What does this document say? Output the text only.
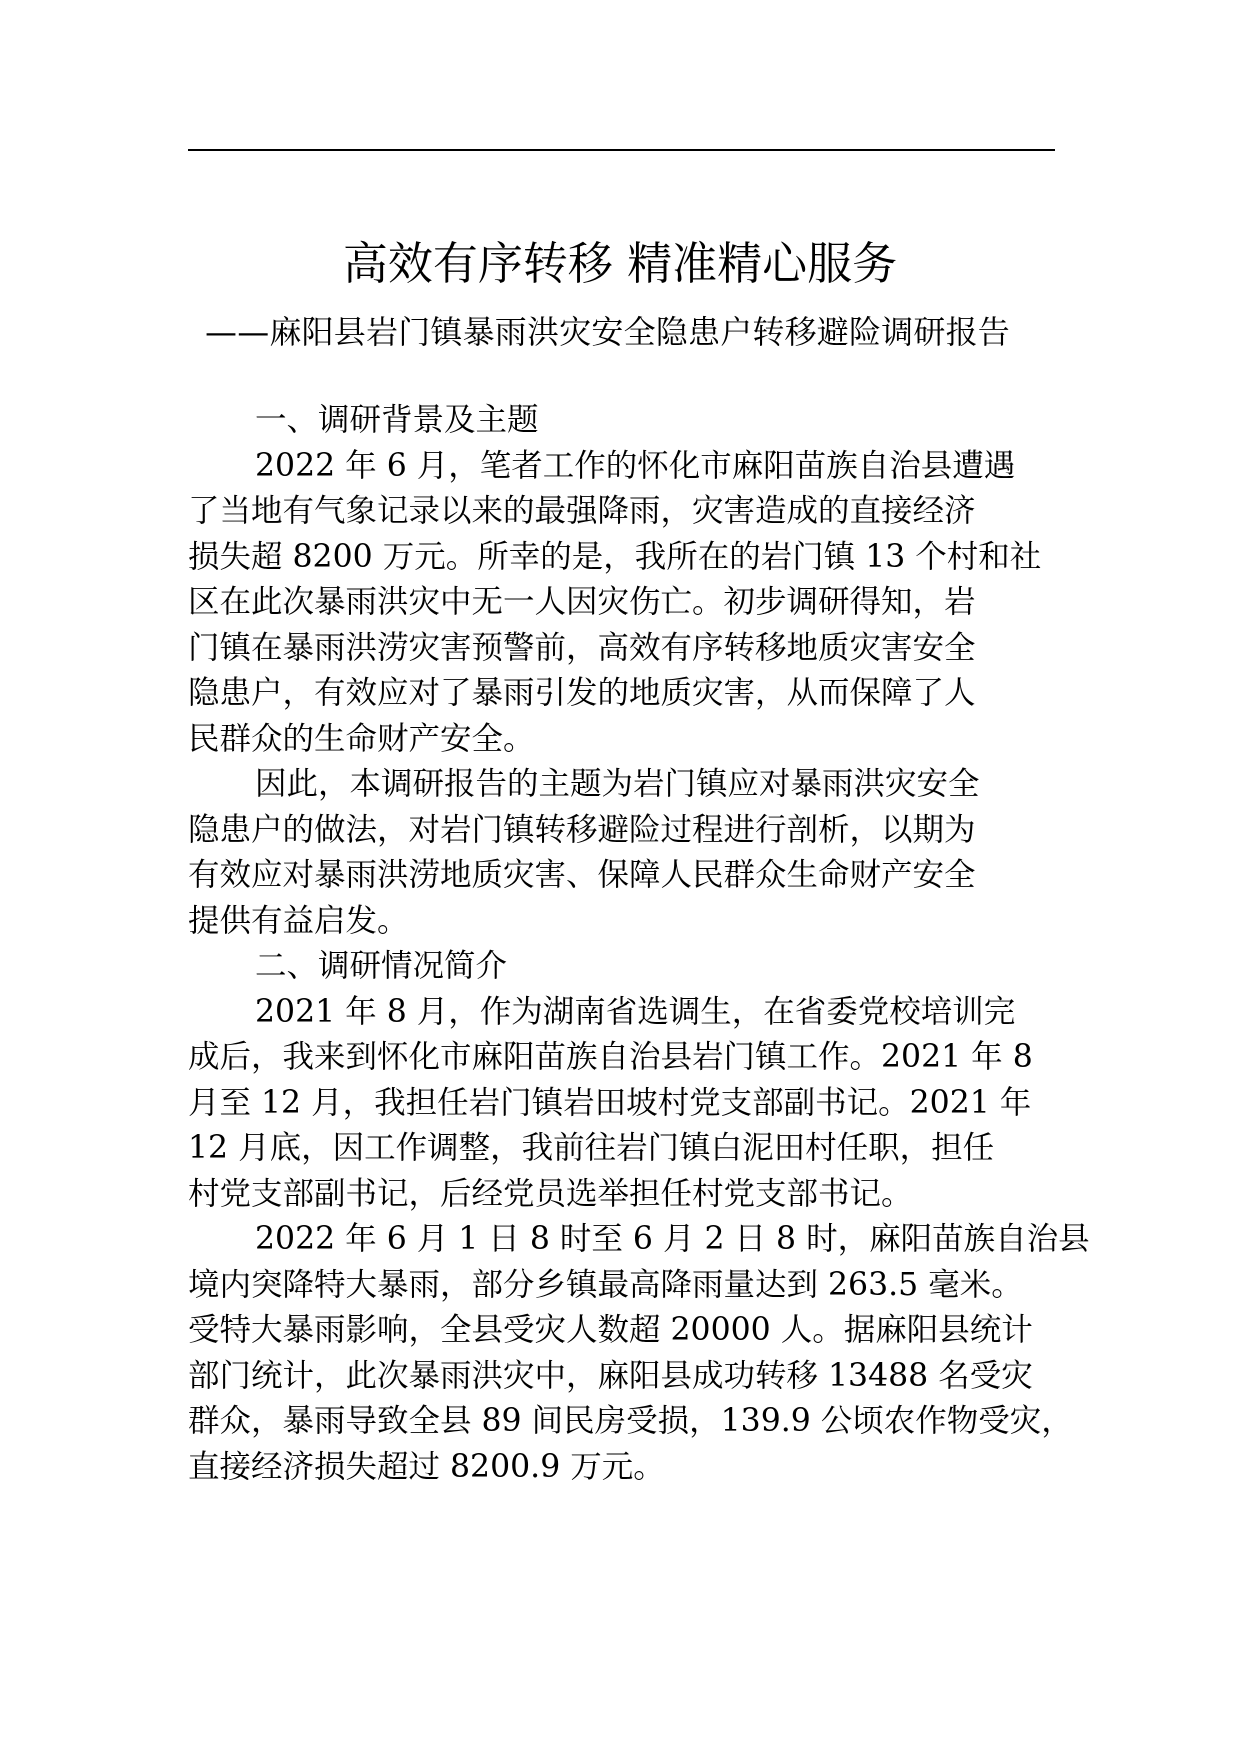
高效有序转移 精准精心服务
——麻阳县岩门镇暴雨洪灾安全隐患户转移避险调研报告
一、调研背景及主题
2022 年 6 月，笔者工作的怀化市麻阳苗族自治县遭遇
了当地有气象记录以来的最强降雨，灾害造成的直接经济
损失超 8200 万元。所幸的是，我所在的岩门镇 13 个村和社
区在此次暴雨洪灾中无一人因灾伤亡。初步调研得知，岩
门镇在暴雨洪涝灾害预警前，高效有序转移地质灾害安全
隐患户，有效应对了暴雨引发的地质灾害，从而保障了人
民群众的生命财产安全。
因此，本调研报告的主题为岩门镇应对暴雨洪灾安全
隐患户的做法，对岩门镇转移避险过程进行剖析，以期为
有效应对暴雨洪涝地质灾害、保障人民群众生命财产安全
提供有益启发。
二、调研情况简介
2021 年 8 月，作为湖南省选调生，在省委党校培训完
成后，我来到怀化市麻阳苗族自治县岩门镇工作。2021 年 8
月至 12 月，我担任岩门镇岩田坡村党支部副书记。2021 年
12 月底，因工作调整，我前往岩门镇白泥田村任职，担任
村党支部副书记，后经党员选举担任村党支部书记。
2022 年 6 月 1 日 8 时至 6 月 2 日 8 时，麻阳苗族自治县
境内突降特大暴雨，部分乡镇最高降雨量达到 263.5 毫米。
受特大暴雨影响，全县受灾人数超 20000 人。据麻阳县统计
部门统计，此次暴雨洪灾中，麻阳县成功转移 13488 名受灾
群众，暴雨导致全县 89 间民房受损，139.9 公顷农作物受灾，
直接经济损失超过 8200.9 万元。
